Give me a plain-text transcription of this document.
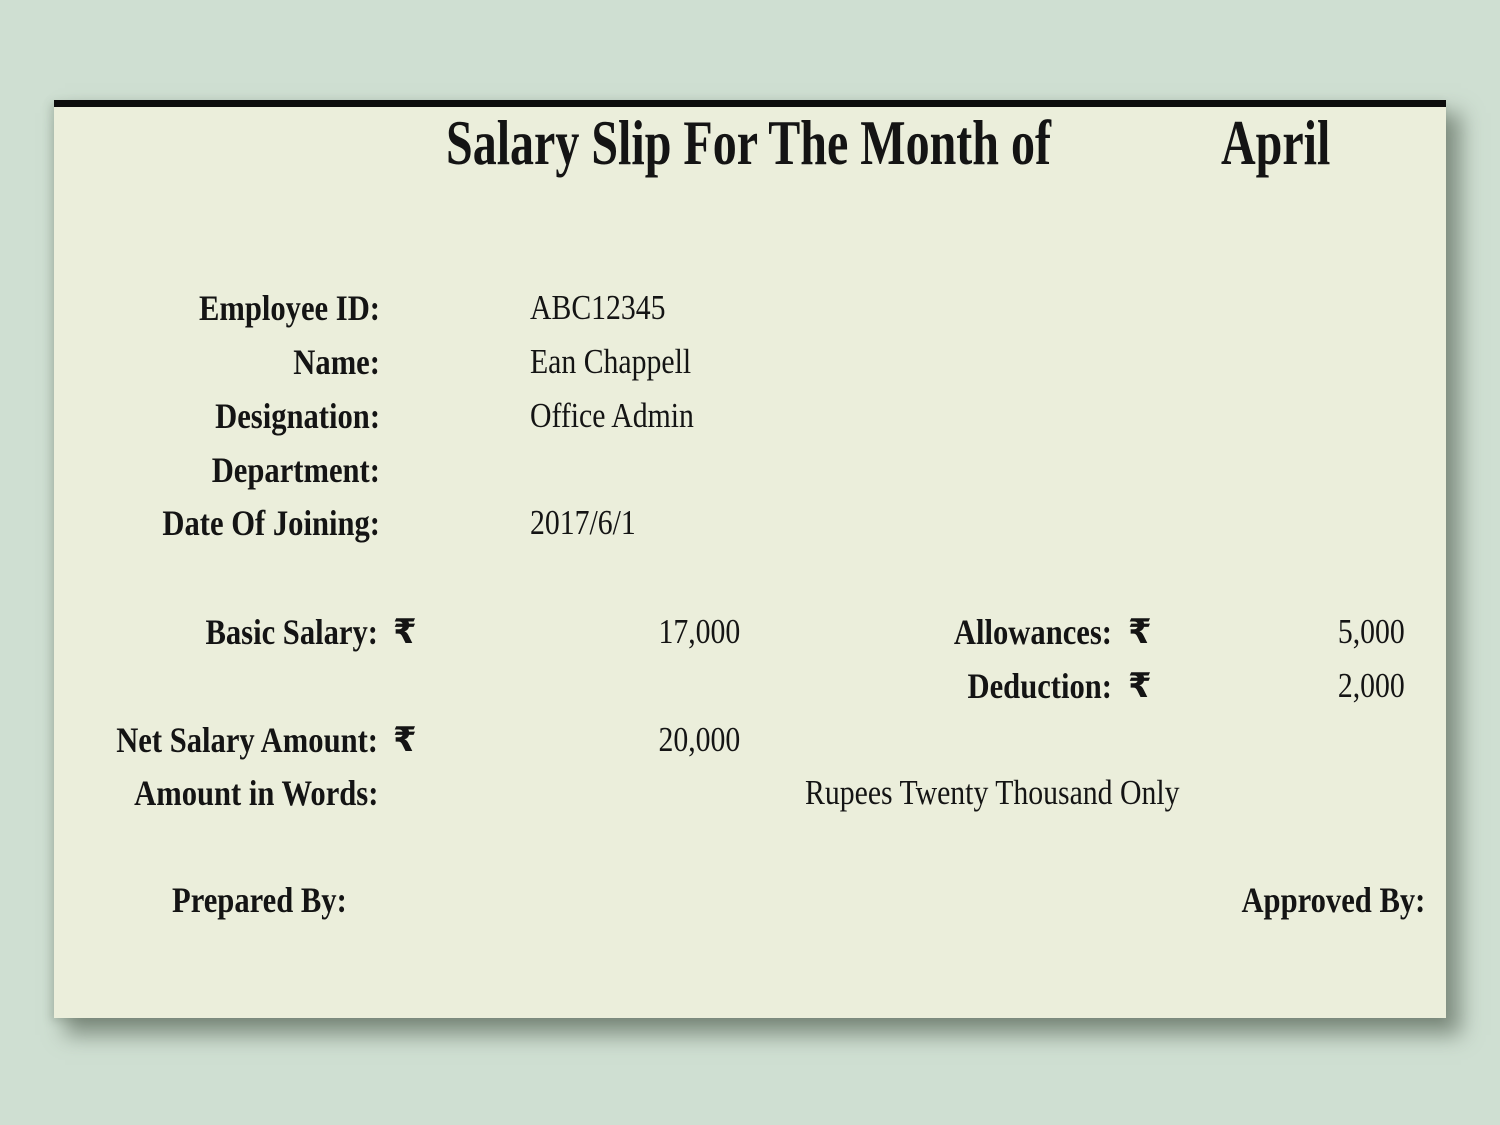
Salary Slip For The Month of	April
Employee ID:	ABC12345
Name:	Ean Chappell
Designation:	Office Admin
Department:
Date Of Joining:	2017/6/1
Basic Salary: ₹	17,000	Allowances: ₹	5,000
Deduction: ₹	2,000
Net Salary Amount: ₹	20,000
Amount in Words:	Rupees Twenty Thousand Only
Prepared By:	Approved By:
